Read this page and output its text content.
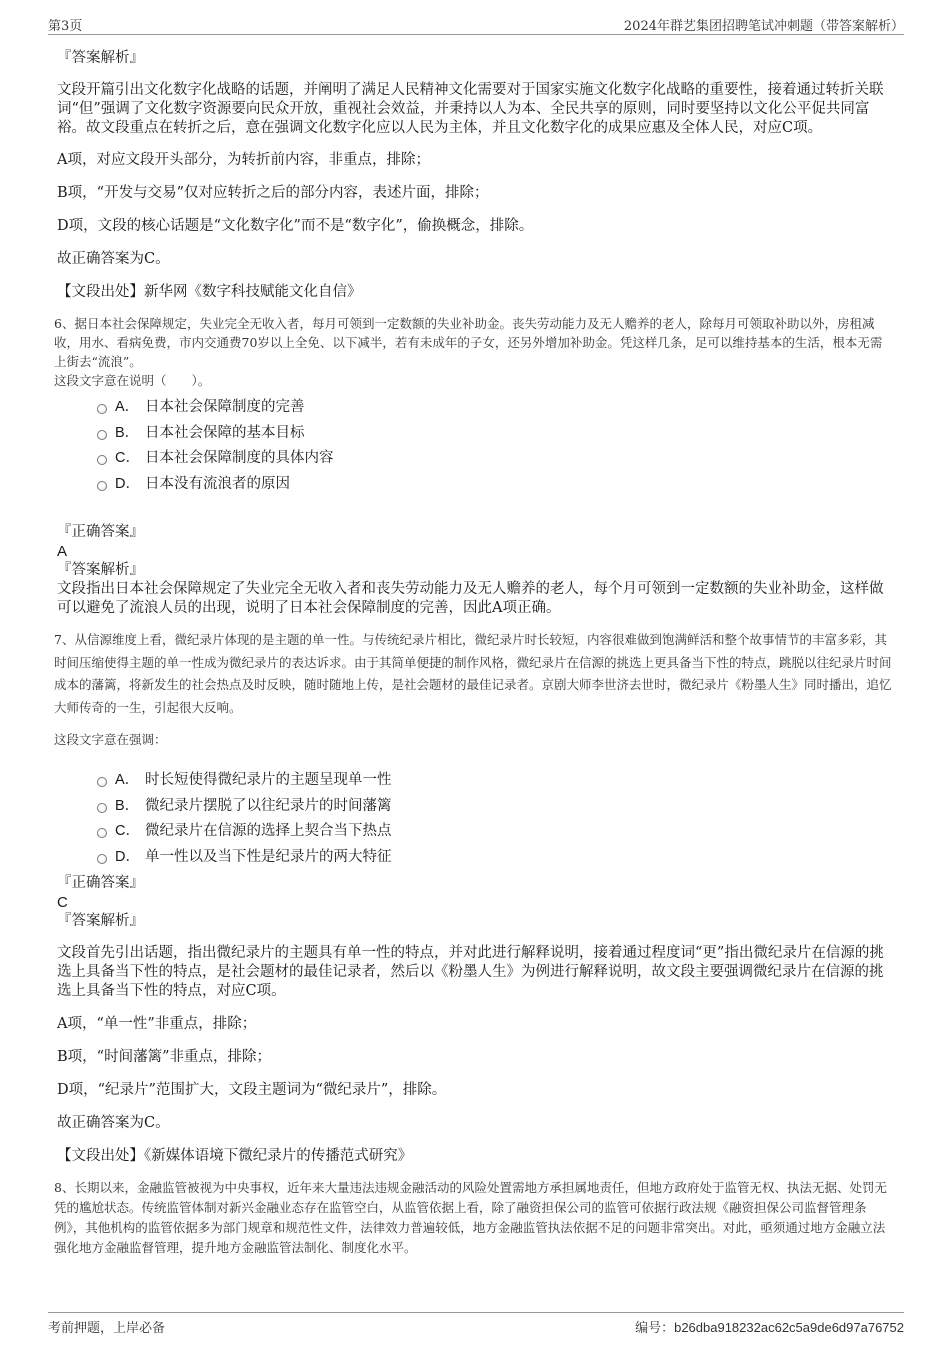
第3页	2024年群艺集团招聘笔试冲刺题（带答案解析）

『答案解析』

文段开篇引出文化数字化战略的话题，并阐明了满足人民精神文化需要对于国家实施文化数字化战略的重要性，接着通过转折关联词“但”强调了文化数字资源要向民众开放，重视社会效益，并秉持以人为本、全民共享的原则，同时要坚持以文化公平促共同富裕。故文段重点在转折之后，意在强调文化数字化应以人民为主体，并且文化数字化的成果应惠及全体人民，对应C项。

A项，对应文段开头部分，为转折前内容，非重点，排除；

B项，“开发与交易”仅对应转折之后的部分内容，表述片面，排除；

D项，文段的核心话题是“文化数字化”而不是“数字化”，偷换概念，排除。

故正确答案为C。

【文段出处】新华网《数字科技赋能文化自信》

6、据日本社会保障规定，失业完全无收入者，每月可领到一定数额的失业补助金。丧失劳动能力及无人赡养的老人，除每月可领取补助以外，房租减收，用水、看病免费，市内交通费70岁以上全免、以下减半，若有未成年的子女，还另外增加补助金。凭这样几条，足可以维持基本的生活，根本无需上街去“流浪”。

这段文字意在说明（　　）。

A． 日本社会保障制度的完善
B． 日本社会保障的基本目标
C． 日本社会保障制度的具体内容
D． 日本没有流浪者的原因

『正确答案』

A

『答案解析』

文段指出日本社会保障规定了失业完全无收入者和丧失劳动能力及无人赡养的老人，每个月可领到一定数额的失业补助金，这样做可以避免了流浪人员的出现，说明了日本社会保障制度的完善，因此A项正确。

7、从信源维度上看，微纪录片体现的是主题的单一性。与传统纪录片相比，微纪录片时长较短，内容很难做到饱满鲜活和整个故事情节的丰富多彩，其时间压缩使得主题的单一性成为微纪录片的表达诉求。由于其简单便捷的制作风格，微纪录片在信源的挑选上更具备当下性的特点，跳脱以往纪录片时间成本的藩篱，将新发生的社会热点及时反映，随时随地上传，是社会题材的最佳记录者。京剧大师李世济去世时，微纪录片《粉墨人生》同时播出，追忆大师传奇的一生，引起很大反响。

这段文字意在强调：

A． 时长短使得微纪录片的主题呈现单一性
B． 微纪录片摆脱了以往纪录片的时间藩篱
C． 微纪录片在信源的选择上契合当下热点
D． 单一性以及当下性是纪录片的两大特征

『正确答案』

C

『答案解析』

文段首先引出话题，指出微纪录片的主题具有单一性的特点，并对此进行解释说明，接着通过程度词“更”指出微纪录片在信源的挑选上具备当下性的特点，是社会题材的最佳记录者，然后以《粉墨人生》为例进行解释说明，故文段主要强调微纪录片在信源的挑选上具备当下性的特点，对应C项。

A项，“单一性”非重点，排除；

B项，“时间藩篱”非重点，排除；

D项，“纪录片”范围扩大，文段主题词为“微纪录片”，排除。

故正确答案为C。

【文段出处】《新媒体语境下微纪录片的传播范式研究》

8、长期以来，金融监管被视为中央事权，近年来大量违法违规金融活动的风险处置需地方承担属地责任，但地方政府处于监管无权、执法无据、处罚无凭的尴尬状态。传统监管体制对新兴金融业态存在监管空白，从监管依据上看，除了融资担保公司的监管可依据行政法规《融资担保公司监督管理条例》，其他机构的监管依据多为部门规章和规范性文件，法律效力普遍较低，地方金融监管执法依据不足的问题非常突出。对此，亟须通过地方金融立法强化地方金融监督管理，提升地方金融监管法制化、制度化水平。

考前押题，上岸必备	编号：b26dba918232ac62c5a9de6d97a76752
